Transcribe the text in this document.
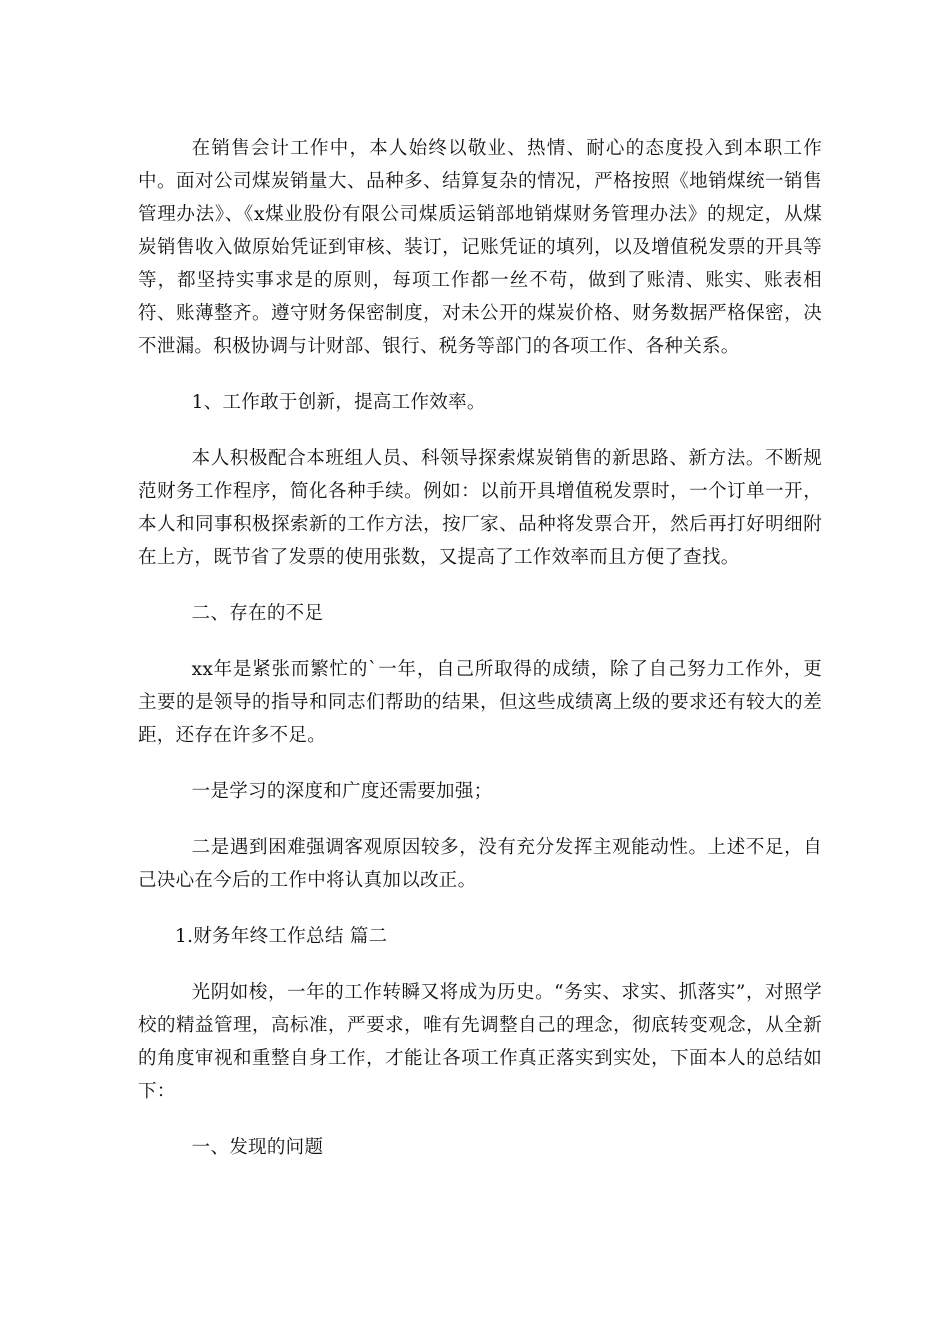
在销售会计工作中，本人始终以敬业、热情、耐心的态度投入到本职工作中。面对公司煤炭销量大、品种多、结算复杂的情况，严格按照《地销煤统一销售管理办法》、《x煤业股份有限公司煤质运销部地销煤财务管理办法》的规定，从煤炭销售收入做原始凭证到审核、装订，记账凭证的填列，以及增值税发票的开具等等，都坚持实事求是的原则，每项工作都一丝不苟，做到了账清、账实、账表相符、账薄整齐。遵守财务保密制度，对未公开的煤炭价格、财务数据严格保密，决不泄漏。积极协调与计财部、银行、税务等部门的各项工作、各种关系。

1、工作敢于创新，提高工作效率。

本人积极配合本班组人员、科领导探索煤炭销售的新思路、新方法。不断规范财务工作程序，简化各种手续。例如：以前开具增值税发票时，一个订单一开，本人和同事积极探索新的工作方法，按厂家、品种将发票合开，然后再打好明细附在上方，既节省了发票的使用张数，又提高了工作效率而且方便了查找。

二、存在的不足

xx年是紧张而繁忙的`一年，自己所取得的成绩，除了自己努力工作外，更主要的是领导的指导和同志们帮助的结果，但这些成绩离上级的要求还有较大的差距，还存在许多不足。

一是学习的深度和广度还需要加强；

二是遇到困难强调客观原因较多，没有充分发挥主观能动性。上述不足，自己决心在今后的工作中将认真加以改正。

1.财务年终工作总结 篇二

光阴如梭，一年的工作转瞬又将成为历史。“务实、求实、抓落实”，对照学校的精益管理，高标准，严要求，唯有先调整自己的理念，彻底转变观念，从全新的角度审视和重整自身工作，才能让各项工作真正落实到实处，下面本人的总结如下：

一、发现的问题
